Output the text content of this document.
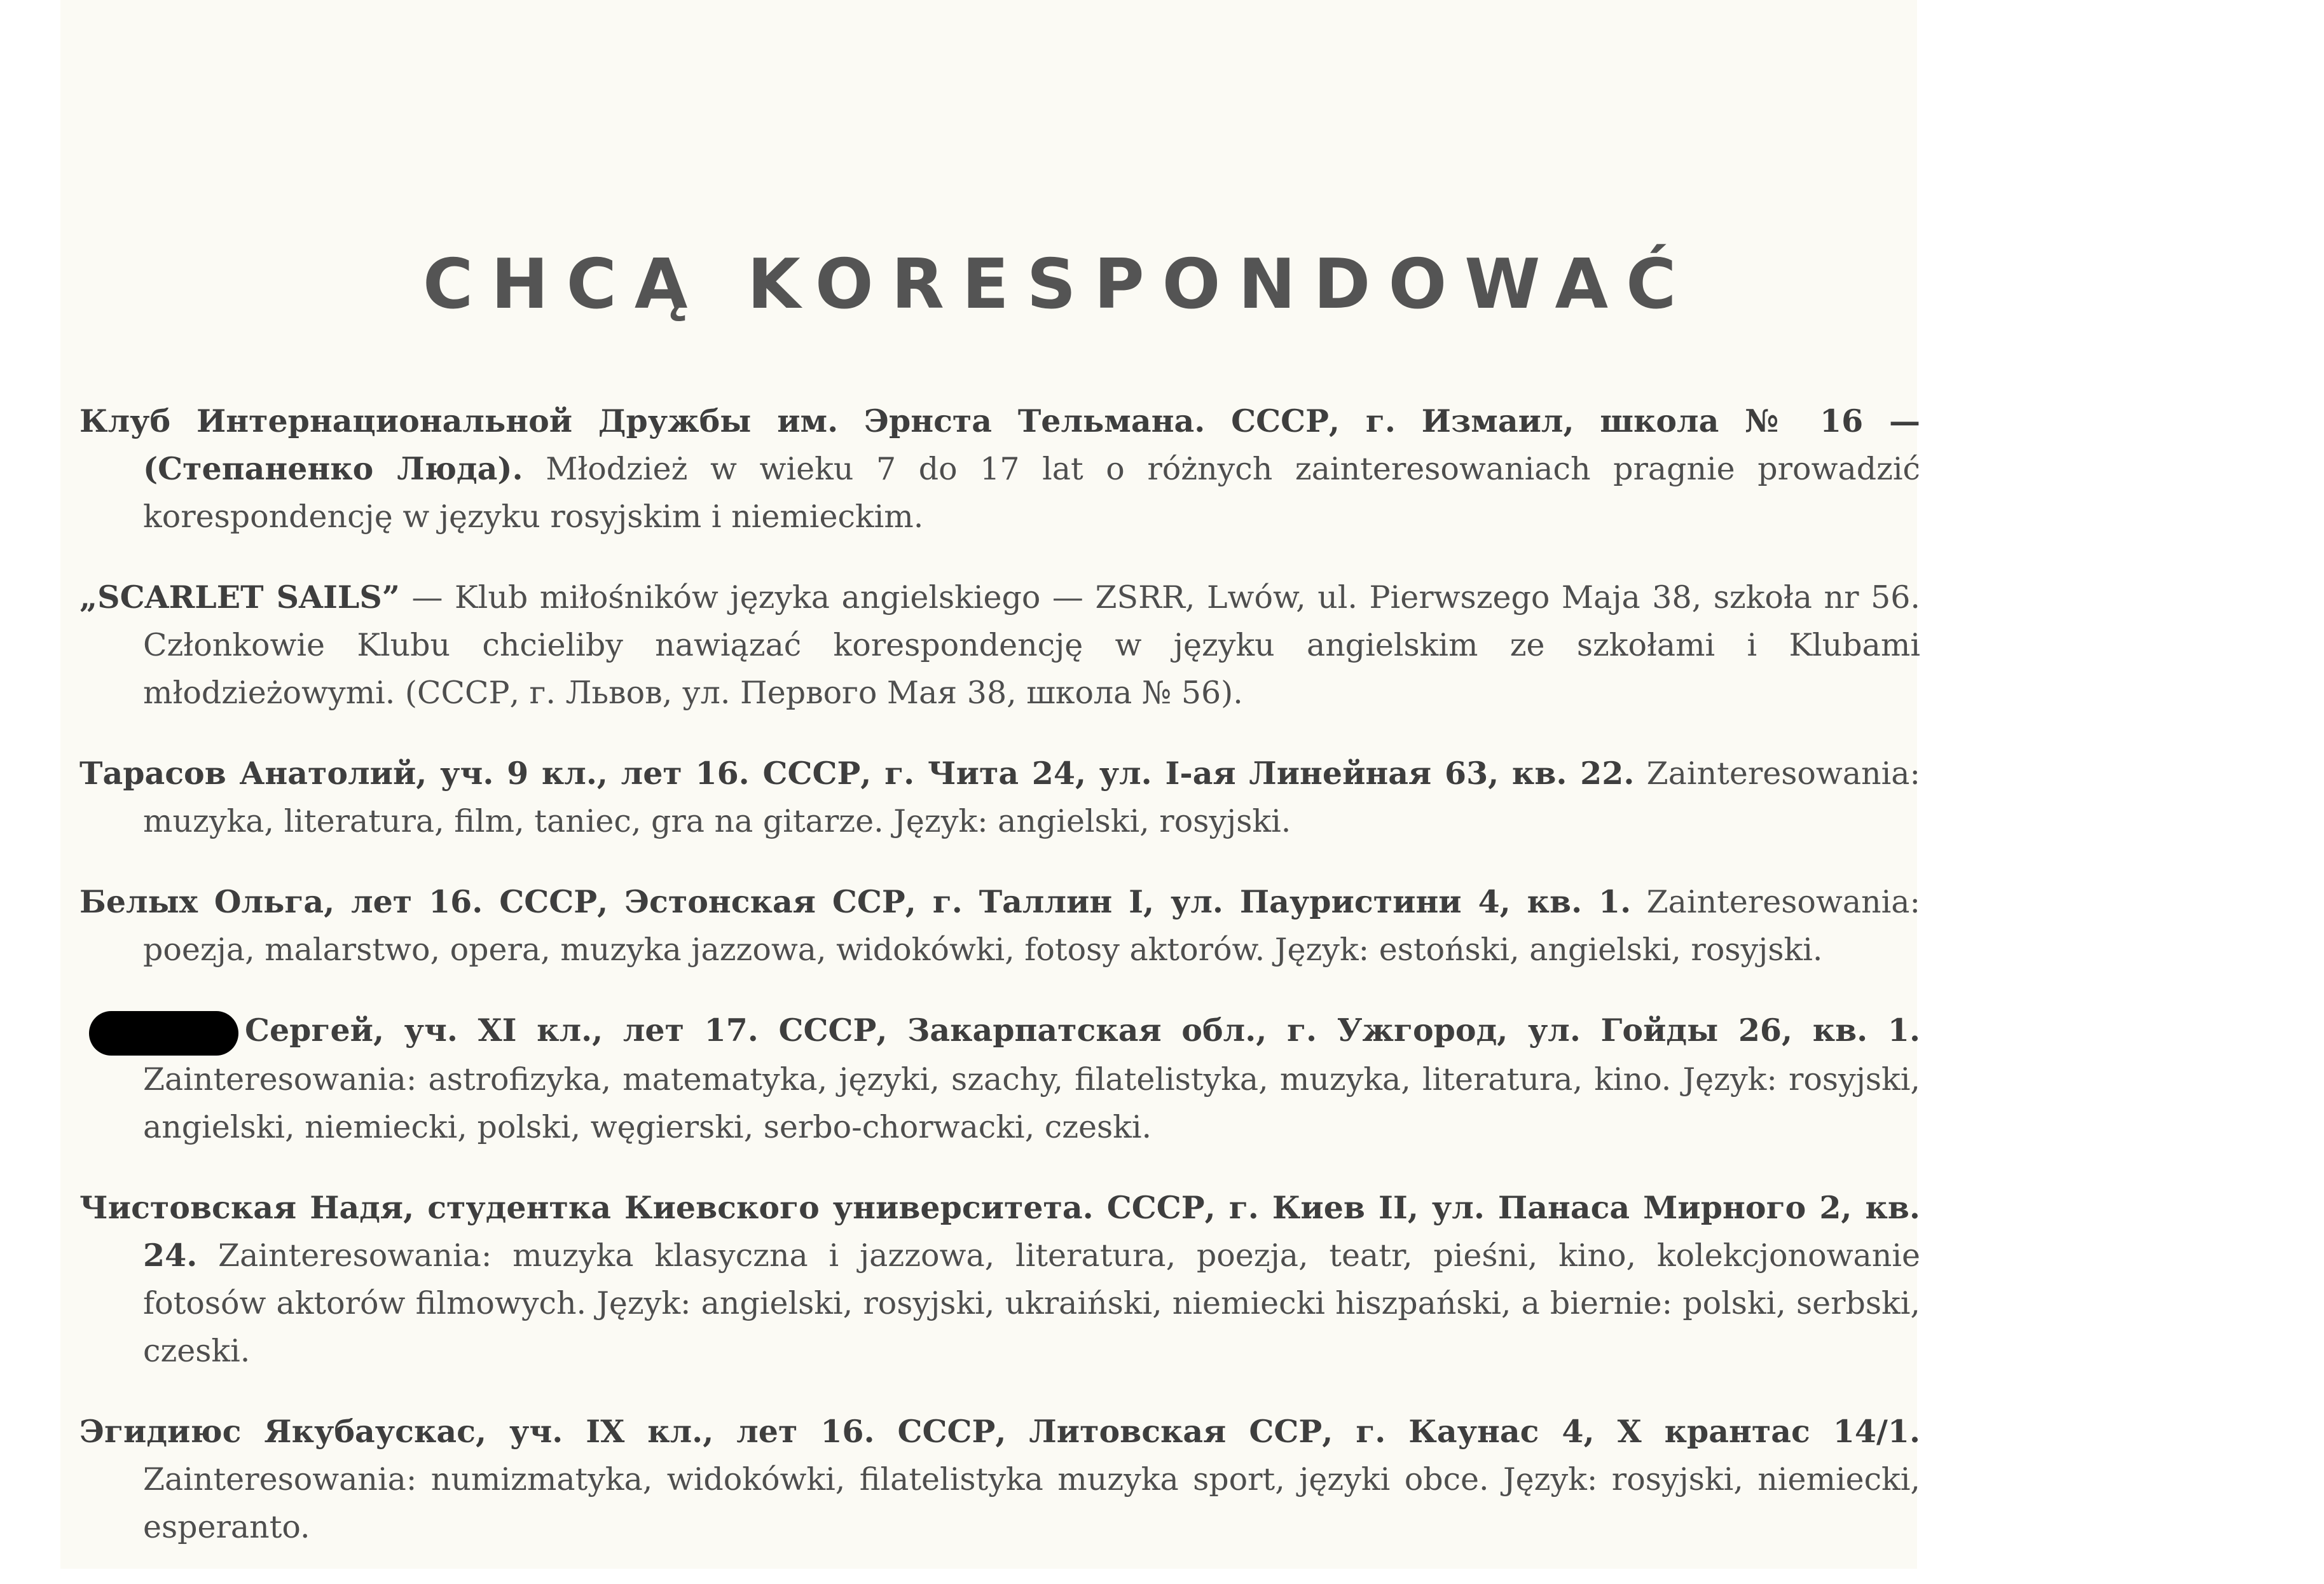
CHCĄ KORESPONDOWAĆ

Клуб Интернациональной Дружбы им. Эрнста Тельмана. СССР, г. Измаил, школа № 16 — (Степаненко Люда). Młodzież w wieku 7 do 17 lat o różnych zainteresowaniach pragnie prowadzić korespondencję w języku rosyjskim i niemieckim.

„SCARLET SAILS” — Klub miłośników języka angielskiego — ZSRR, Lwów, ul. Pierwszego Maja 38, szkoła nr 56. Członkowie Klubu chcieliby nawiązać korespondencję w języku angielskim ze szkołami i Klubami młodzieżowymi. (СССР, г. Львов, ул. Первого Мая 38, школа № 56).

Тарасов Анатолий, уч. 9 кл., лет 16. СССР, г. Чита 24, ул. I-ая Линейная 63, кв. 22. Zainteresowania: muzyka, literatura, film, taniec, gra na gitarze. Język: angielski, rosyjski.

Белых Ольга, лет 16. СССР, Эстонская ССР, г. Таллин I, ул. Пауристини 4, кв. 1. Zainteresowania: poezja, malarstwo, opera, muzyka jazzowa, widokówki, fotosy aktorów. Język: estoński, angielski, rosyjski.

Сергей, уч. XI кл., лет 17. СССР, Закарпатская обл., г. Ужгород, ул. Гойды 26, кв. 1. Zainteresowania: astrofizyka, matematyka, języki, szachy, filatelistyka, muzyka, literatura, kino. Język: rosyjski, angielski, niemiecki, polski, węgierski, serbo-chorwacki, czeski.

Чистовская Надя, студентка Киевского университета. СССР, г. Киев II, ул. Панаса Мирного 2, кв. 24. Zainteresowania: muzyka klasyczna i jazzowa, literatura, poezja, teatr, pieśni, kino, kolekcjonowanie fotosów aktorów filmowych. Język: angielski, rosyjski, ukraiński, niemiecki hiszpański, a biernie: polski, serbski, czeski.

Эгидиюс Якубаускас, уч. IX кл., лет 16. СССР, Литовская ССР, г. Каунас 4, X крантас 14/1. Zainteresowania: numizmatyka, widokówki, filatelistyka muzyka sport, języki obce. Język: rosyjski, niemiecki, esperanto.
